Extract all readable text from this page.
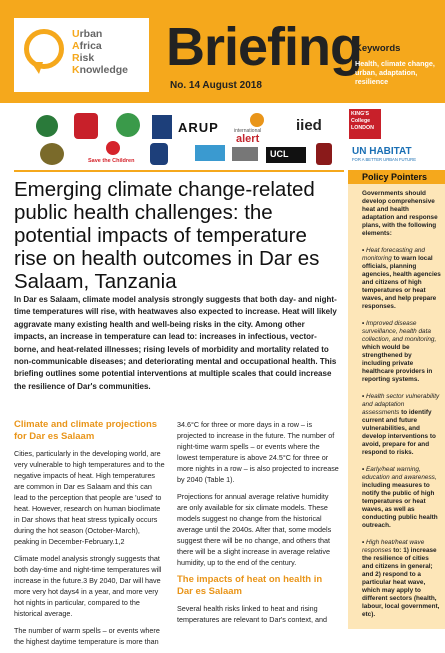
Urban
Africa
Risk
Knowledge Briefing
No. 14 August 2018
Keywords
Health, climate change, urban, adaptation, resilience
ARUP	international
alert
iied
KING'S College LONDON
Save the Children
UCL	UN HABITAT
FOR A BETTER URBAN FUTURE
Emerging climate change-related public health challenges: the potential impacts of temperature rise on health outcomes in Dar es Salaam, Tanzania

In Dar es Salaam, climate model analysis strongly suggests that both day- and night-time temperatures will rise, with heatwaves also expected to increase. Heat will likely aggravate many existing health and well-being risks in the city. Among other impacts, an increase in temperature can lead to: increases in infectious, vector-borne, and heat-related illnesses; rising levels of morbidity and mortality related to non-communicable diseases; and deteriorating mental and occupational health. This briefing outlines some potential interventions at multiple scales that could increase the resilience of Dar's communities.

Climate and climate projections for Dar es Salaam

Cities, particularly in the developing world, are very vulnerable to high temperatures and to the negative impacts of heat. High temperatures are common in Dar es Salaam and this can lead to the perception that people are 'used' to heat. However, research on human bioclimate in Dar shows that heat stress typically occurs during the hot season (October-March), peaking in December-February.1,2

Climate model analysis strongly suggests that both day-time and night-time temperatures will increase in the future.3 By 2040, Dar will have more very hot days4 in a year, and more very hot nights in particular, compared to the historical average.

The number of warm spells – or events where the highest daytime temperature is more than

34.6°C for three or more days in a row – is projected to increase in the future. The number of night-time warm spells – or events where the lowest temperature is above 24.5°C for three or more nights in a row – is also projected to increase by 2040 (Table 1).

Projections for annual average relative humidity are only available for six climate models. These models suggest no change from the historical average until the 2040s. After that, some models suggest there will be no change, and others that there will be a slight increase in average relative humidity, up to the end of the century.

The impacts of heat on health in Dar es Salaam

Several health risks linked to heat and rising temperatures are relevant to Dar's context, and

Policy Pointers

Governments should develop comprehensive heat and health adaptation and response plans, with the following elements:

• Heat forecasting and monitoring to warn local officials, planning agencies, health agencies and citizens of high temperatures or heat waves, and help prepare responses.

• Improved disease surveillance, health data collection, and monitoring, which would be strengthened by including private healthcare providers in reporting systems.

• Health sector vulnerability and adaptation assessments to identify current and future vulnerabilities, and develop interventions to avoid, prepare for and respond to risks.

• Early/heat warning, education and awareness, including measures to notify the public of high temperatures or heat waves, as well as conducting public health outreach.

• High heat/heat wave responses to: 1) increase the resilience of cities and citizens in general; and 2) respond to a particular heat wave, which may apply to different sectors (health, labour, local government, etc).
